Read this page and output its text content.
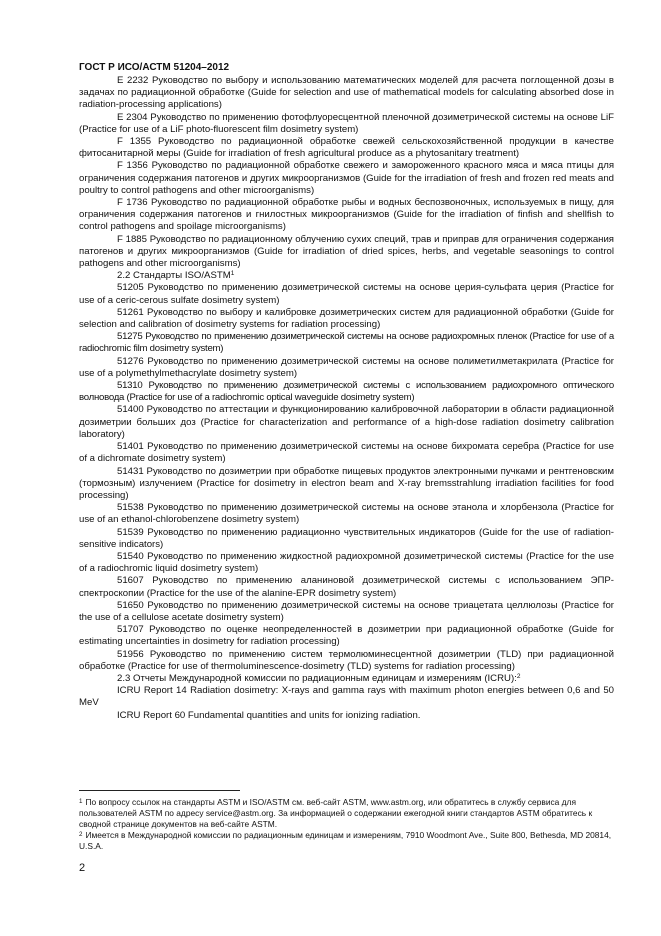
ГОСТ Р ИСО/АСТМ 51204–2012

E 2232 Руководство по выбору и использованию математических моделей для расчета поглощенной дозы в задачах по радиационной обработке (Guide for selection and use of mathematical models for calculating absorbed dose in radiation-processing applications)

E 2304 Руководство по применению фотофлуоресцентной пленочной дозиметрической системы на основе LiF (Practice for use of a LiF photo-fluorescent film dosimetry system)

F 1355 Руководство по радиационной обработке свежей сельскохозяйственной продукции в качестве фитосанитарной меры (Guide for irradiation of fresh agricultural produce as a phytosanitary treatment)

F 1356 Руководство по радиационной обработке свежего и замороженного красного мяса и мяса птицы для ограничения содержания патогенов и других микроорганизмов (Guide for the irradiation of fresh and frozen red meats and poultry to control pathogens and other microorganisms)

F 1736 Руководство по радиационной обработке рыбы и водных беспозвоночных, используемых в пищу, для ограничения содержания патогенов и гнилостных микроорганизмов (Guide for the irradiation of finfish and shellfish to control pathogens and spoilage microorganisms)

F 1885 Руководство по радиационному облучению сухих специй, трав и приправ для ограничения содержания патогенов и других микроорганизмов (Guide for irradiation of dried spices, herbs, and vegetable seasonings to control pathogens and other microorganisms)

2.2 Стандарты ISO/ASTM$^1$

51205 Руководство по применению дозиметрической системы на основе церия-сульфата церия (Practice for use of a ceric-cerous sulfate dosimetry system)

51261 Руководство по выбору и калибровке дозиметрических систем для радиационной обработки (Guide for selection and calibration of dosimetry systems for radiation processing)

51275 Руководство по применению дозиметрической системы на основе радиохромных пленок (Practice for use of a radiochromic film dosimetry system)

51276 Руководство по применению дозиметрической системы на основе полиметилметакрилата (Practice for use of a polymethylmethacrylate dosimetry system)

51310 Руководство по применению дозиметрической системы с использованием радиохромного оптического волновода (Practice for use of a radiochromic optical waveguide dosimetry system)

51400 Руководство по аттестации и функционированию калибровочной лаборатории в области радиационной дозиметрии больших доз (Practice for characterization and performance of a high-dose radiation dosimetry calibration laboratory)

51401 Руководство по применению дозиметрической системы на основе бихромата серебра (Practice for use of a dichromate dosimetry system)

51431 Руководство по дозиметрии при обработке пищевых продуктов электронными пучками и рентгеновским (тормозным) излучением (Practice for dosimetry in electron beam and X-ray bremsstrahlung irradiation facilities for food processing)

51538 Руководство по применению дозиметрической системы на основе этанола и хлорбензола (Practice for use of an ethanol-chlorobenzene dosimetry system)

51539 Руководство по применению радиационно чувствительных индикаторов (Guide for the use of radiation-sensitive indicators)

51540 Руководство по применению жидкостной радиохромной дозиметрической системы (Practice for the use of a radiochromic liquid dosimetry system)

51607 Руководство по применению аланиновой дозиметрической системы с использованием ЭПР-спектроскопии (Practice for the use of the alanine-EPR dosimetry system)

51650 Руководство по применению дозиметрической системы на основе триацетата целлюлозы (Practice for the use of a cellulose acetate dosimetry system)

51707 Руководство по оценке неопределенностей в дозиметрии при радиационной обработке (Guide for estimating uncertainties in dosimetry for radiation processing)

51956 Руководство по применению систем термолюминесцентной дозиметрии (TLD) при радиационной обработке (Practice for use of thermoluminescence-dosimetry (TLD) systems for radiation processing)

2.3 Отчеты Международной комиссии по радиационным единицам и измерениям (ICRU):$^2$

ICRU Report 14 Radiation dosimetry: X-rays and gamma rays with maximum photon energies between 0,6 and 50 MeV

ICRU Report 60 Fundamental quantities and units for ionizing radiation.

$^1$ По вопросу ссылок на стандарты ASTM и ISO/ASTM см. веб-сайт ASTM, www.astm.org, или обратитесь в службу сервиса для пользователей ASTM по адресу service@astm.org. За информацией о содержании ежегодной книги стандартов ASTM обратитесь к сводной странице документов на веб-сайте ASTM.

$^2$ Имеется в Международной комиссии по радиационным единицам и измерениям, 7910 Woodmont Ave., Suite 800, Bethesda, MD 20814, U.S.A.

2
